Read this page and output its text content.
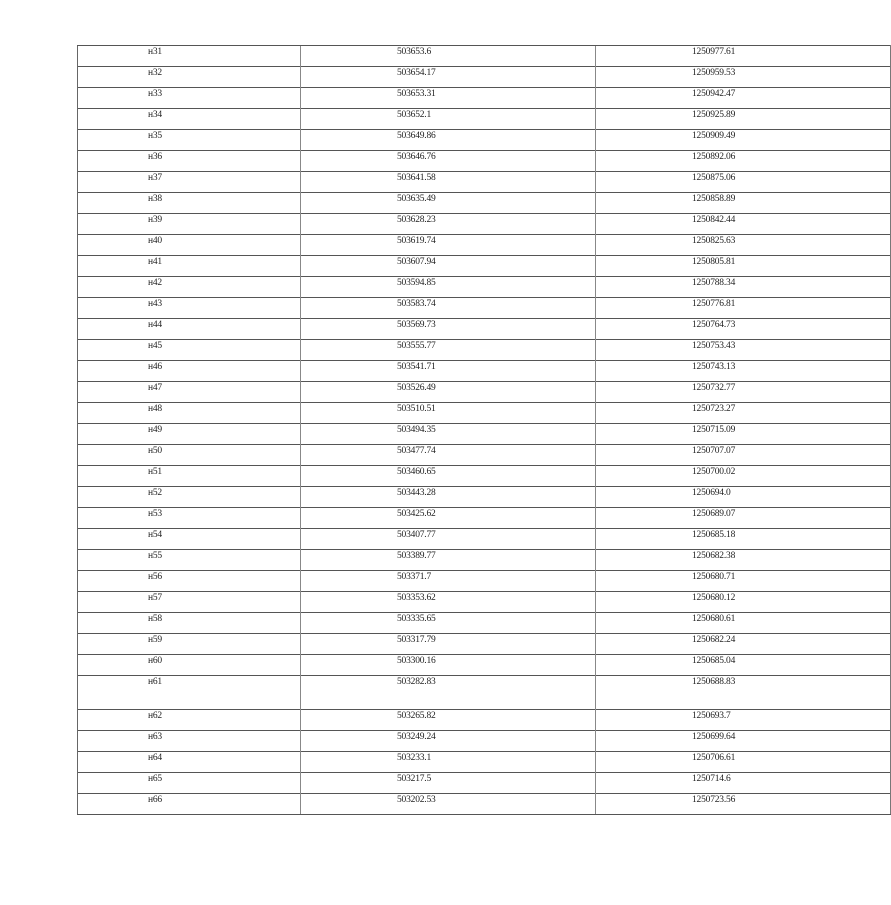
н31	503653.6	1250977.61
н32	503654.17	1250959.53
н33	503653.31	1250942.47
н34	503652.1	1250925.89
н35	503649.86	1250909.49
н36	503646.76	1250892.06
н37	503641.58	1250875.06
н38	503635.49	1250858.89
н39	503628.23	1250842.44
н40	503619.74	1250825.63
н41	503607.94	1250805.81
н42	503594.85	1250788.34
н43	503583.74	1250776.81
н44	503569.73	1250764.73
н45	503555.77	1250753.43
н46	503541.71	1250743.13
н47	503526.49	1250732.77
н48	503510.51	1250723.27
н49	503494.35	1250715.09
н50	503477.74	1250707.07
н51	503460.65	1250700.02
н52	503443.28	1250694.0
н53	503425.62	1250689.07
н54	503407.77	1250685.18
н55	503389.77	1250682.38
н56	503371.7	1250680.71
н57	503353.62	1250680.12
н58	503335.65	1250680.61
н59	503317.79	1250682.24
н60	503300.16	1250685.04
н61	503282.83	1250688.83
н62	503265.82	1250693.7
н63	503249.24	1250699.64
н64	503233.1	1250706.61
н65	503217.5	1250714.6
н66	503202.53	1250723.56
